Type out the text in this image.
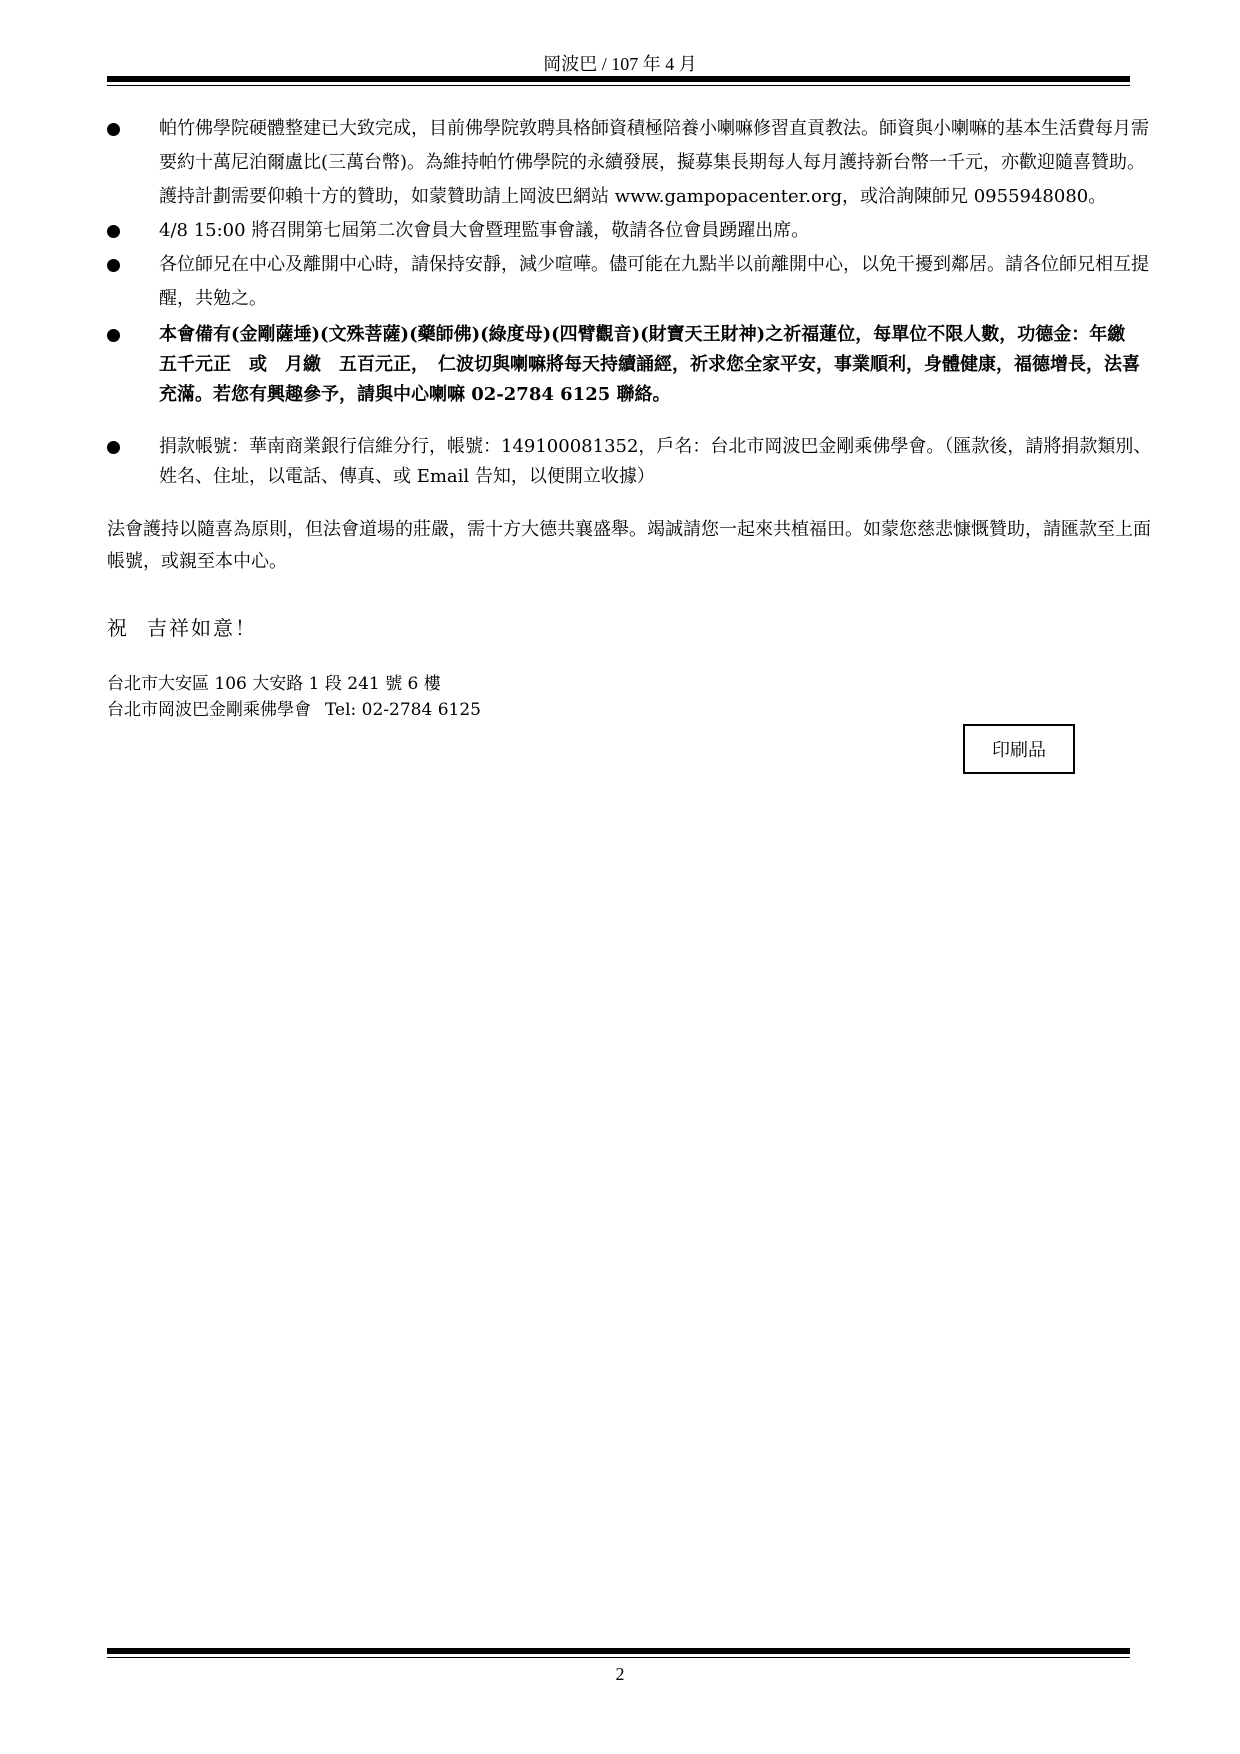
岡波巴 / 107 年 4 月
帕竹佛學院硬體整建已大致完成，目前佛學院敦聘具格師資積極陪養小喇嘛修習直貢教法。師資與小喇嘛的基本生活費每月需要約十萬尼泊爾盧比(三萬台幣)。為維持帕竹佛學院的永續發展，擬募集長期每人每月護持新台幣一千元，亦歡迎隨喜贊助。護持計劃需要仰賴十方的贊助，如蒙贊助請上岡波巴網站 www.gampopacenter.org，或洽詢陳師兄 0955948080。
4/8 15:00 將召開第七屆第二次會員大會暨理監事會議，敬請各位會員踴躍出席。
各位師兄在中心及離開中心時，請保持安靜，減少喧嘩。儘可能在九點半以前離開中心，以免干擾到鄰居。請各位師兄相互提醒，共勉之。
本會備有(金剛薩埵)(文殊菩薩)(藥師佛)(綠度母)(四臂觀音)(財寶天王財神)之祈福蓮位，每單位不限人數，功德金：年繳　五千元正　或　月繳　五百元正，　仁波切與喇嘛將每天持續誦經，祈求您全家平安，事業順利，身體健康，福德增長，法喜充滿。若您有興趣參予，請與中心喇嘛 02-2784 6125 聯絡。
捐款帳號：華南商業銀行信維分行，帳號：149100081352，戶名：台北市岡波巴金剛乘佛學會。（匯款後，請將捐款類別、姓名、住址，以電話、傳真、或 Email 告知，以便開立收據）
法會護持以隨喜為原則，但法會道場的莊嚴，需十方大德共襄盛舉。竭誠請您一起來共植福田。如蒙您慈悲慷慨贊助，請匯款至上面帳號，或親至本中心。
祝 吉祥如意！
台北市大安區 106 大安路 1 段 241 號 6 樓
台北市岡波巴金剛乘佛學會 Tel: 02-2784 6125
印刷品
2
